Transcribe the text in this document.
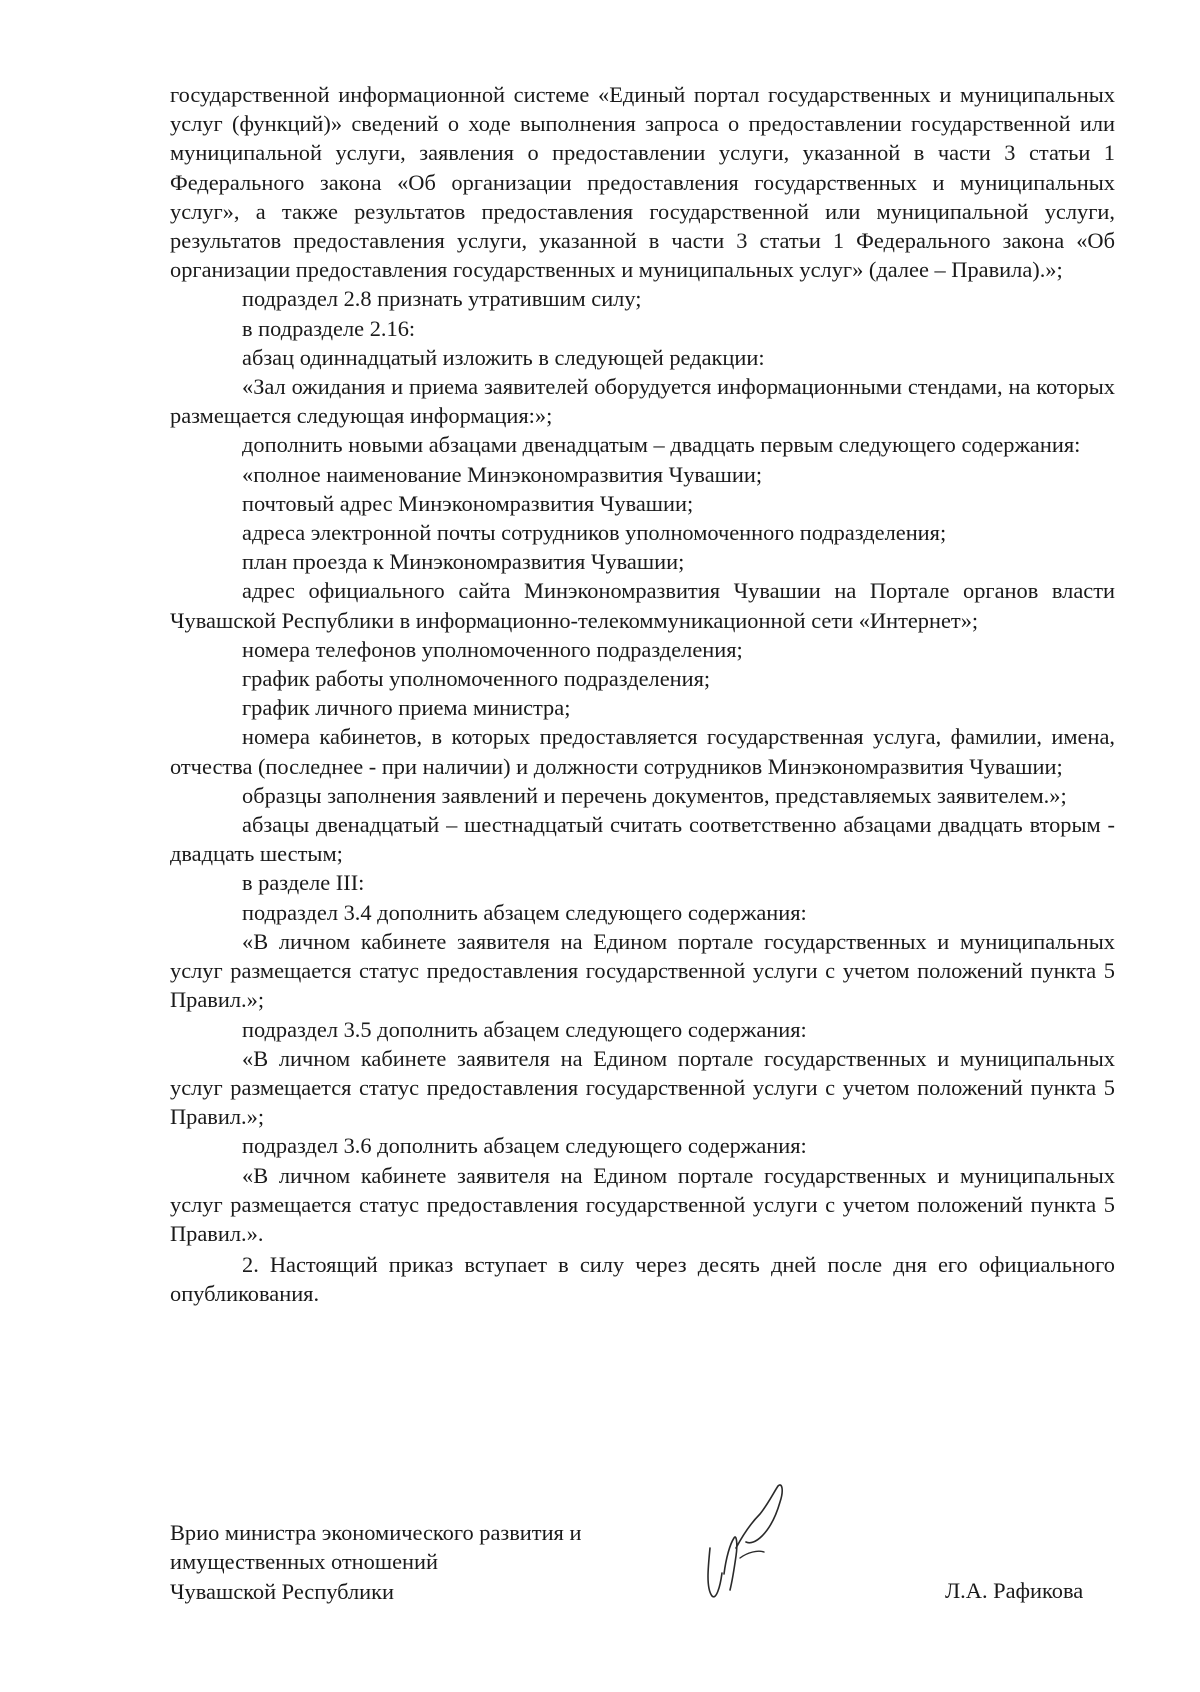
государственной информационной системе «Единый портал государственных и муниципальных услуг (функций)» сведений о ходе выполнения запроса о предоставлении государственной или муниципальной услуги, заявления о предоставлении услуги, указанной в части 3 статьи 1 Федерального закона «Об организации предоставления государственных и муниципальных услуг», а также результатов предоставления государственной или муниципальной услуги, результатов предоставления услуги, указанной в части 3 статьи 1 Федерального закона «Об организации предоставления государственных и муниципальных услуг» (далее – Правила).»;

подраздел 2.8 признать утратившим силу;

в подразделе 2.16:

абзац одиннадцатый изложить в следующей редакции:

«Зал ожидания и приема заявителей оборудуется информационными стендами, на которых размещается следующая информация:»;

дополнить новыми абзацами двенадцатым – двадцать первым следующего содержания:

«полное наименование Минэкономразвития Чувашии;

почтовый адрес Минэкономразвития Чувашии;

адреса электронной почты сотрудников уполномоченного подразделения;

план проезда к Минэкономразвития Чувашии;

адрес официального сайта Минэкономразвития Чувашии на Портале органов власти Чувашской Республики в информационно-телекоммуникационной сети «Интернет»;

номера телефонов уполномоченного подразделения;

график работы уполномоченного подразделения;

график личного приема министра;

номера кабинетов, в которых предоставляется государственная услуга, фамилии, имена, отчества (последнее - при наличии) и должности сотрудников Минэкономразвития Чувашии;

образцы заполнения заявлений и перечень документов, представляемых заявителем.»;

абзацы двенадцатый – шестнадцатый считать соответственно абзацами двадцать вторым - двадцать шестым;

в разделе III:

подраздел 3.4 дополнить абзацем следующего содержания:

«В личном кабинете заявителя на Едином портале государственных и муниципальных услуг размещается статус предоставления государственной услуги с учетом положений пункта 5 Правил.»;

подраздел 3.5 дополнить абзацем следующего содержания:

«В личном кабинете заявителя на Едином портале государственных и муниципальных услуг размещается статус предоставления государственной услуги с учетом положений пункта 5 Правил.»;

подраздел 3.6 дополнить абзацем следующего содержания:

«В личном кабинете заявителя на Едином портале государственных и муниципальных услуг размещается статус предоставления государственной услуги с учетом положений пункта 5 Правил.».

2. Настоящий приказ вступает в силу через десять дней после дня его официального опубликования.

Врио министра экономического развития и
имущественных отношений
Чувашской Республики	Л.А. Рафикова
